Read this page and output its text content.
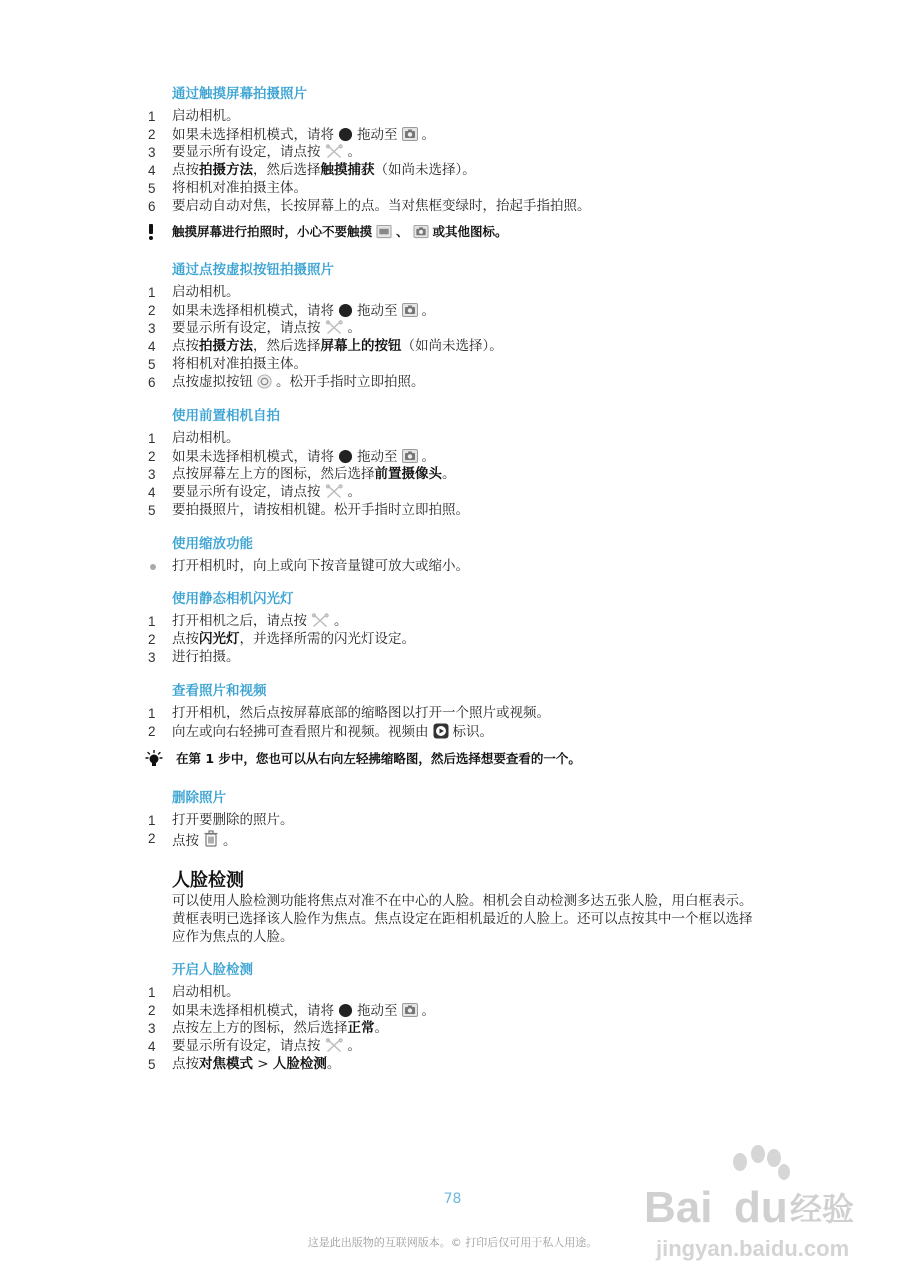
通过触摸屏幕拍摄照片
1	启动相机。
2	如果未选择相机模式，请将 拖动至 。
3	要显示所有设定，请点按 。
4	点按拍摄方法，然后选择触摸捕获（如尚未选择）。
5	将相机对准拍摄主体。
6	要启动自动对焦，长按屏幕上的点。当对焦框变绿时，抬起手指拍照。
触摸屏幕进行拍照时，小心不要触摸 、 或其他图标。
通过点按虚拟按钮拍摄照片
1	启动相机。
2	如果未选择相机模式，请将 拖动至 。
3	要显示所有设定，请点按 。
4	点按拍摄方法，然后选择屏幕上的按钮（如尚未选择）。
5	将相机对准拍摄主体。
6	点按虚拟按钮 。松开手指时立即拍照。
使用前置相机自拍
1	启动相机。
2	如果未选择相机模式，请将 拖动至 。
3	点按屏幕左上方的图标，然后选择前置摄像头。
4	要显示所有设定，请点按 。
5	要拍摄照片，请按相机键。松开手指时立即拍照。
使用缩放功能
打开相机时，向上或向下按音量键可放大或缩小。
使用静态相机闪光灯
1	打开相机之后，请点按 。
2	点按闪光灯，并选择所需的闪光灯设定。
3	进行拍摄。
查看照片和视频
1	打开相机，然后点按屏幕底部的缩略图以打开一个照片或视频。
2	向左或向右轻拂可查看照片和视频。视频由 标识。
在第 1 步中，您也可以从右向左轻拂缩略图，然后选择想要查看的一个。
删除照片
1	打开要删除的照片。
2	点按 。
人脸检测
可以使用人脸检测功能将焦点对准不在中心的人脸。相机会自动检测多达五张人脸，用白框表示。黄框表明已选择该人脸作为焦点。焦点设定在距相机最近的人脸上。还可以点按其中一个框以选择应作为焦点的人脸。
开启人脸检测
1	启动相机。
2	如果未选择相机模式，请将 拖动至 。
3	点按左上方的图标，然后选择正常。
4	要显示所有设定，请点按 。
5	点按对焦模式 > 人脸检测。
Bai du 经验
jingyan.baidu.com
78
这是此出版物的互联网版本。© 打印后仅可用于私人用途。
